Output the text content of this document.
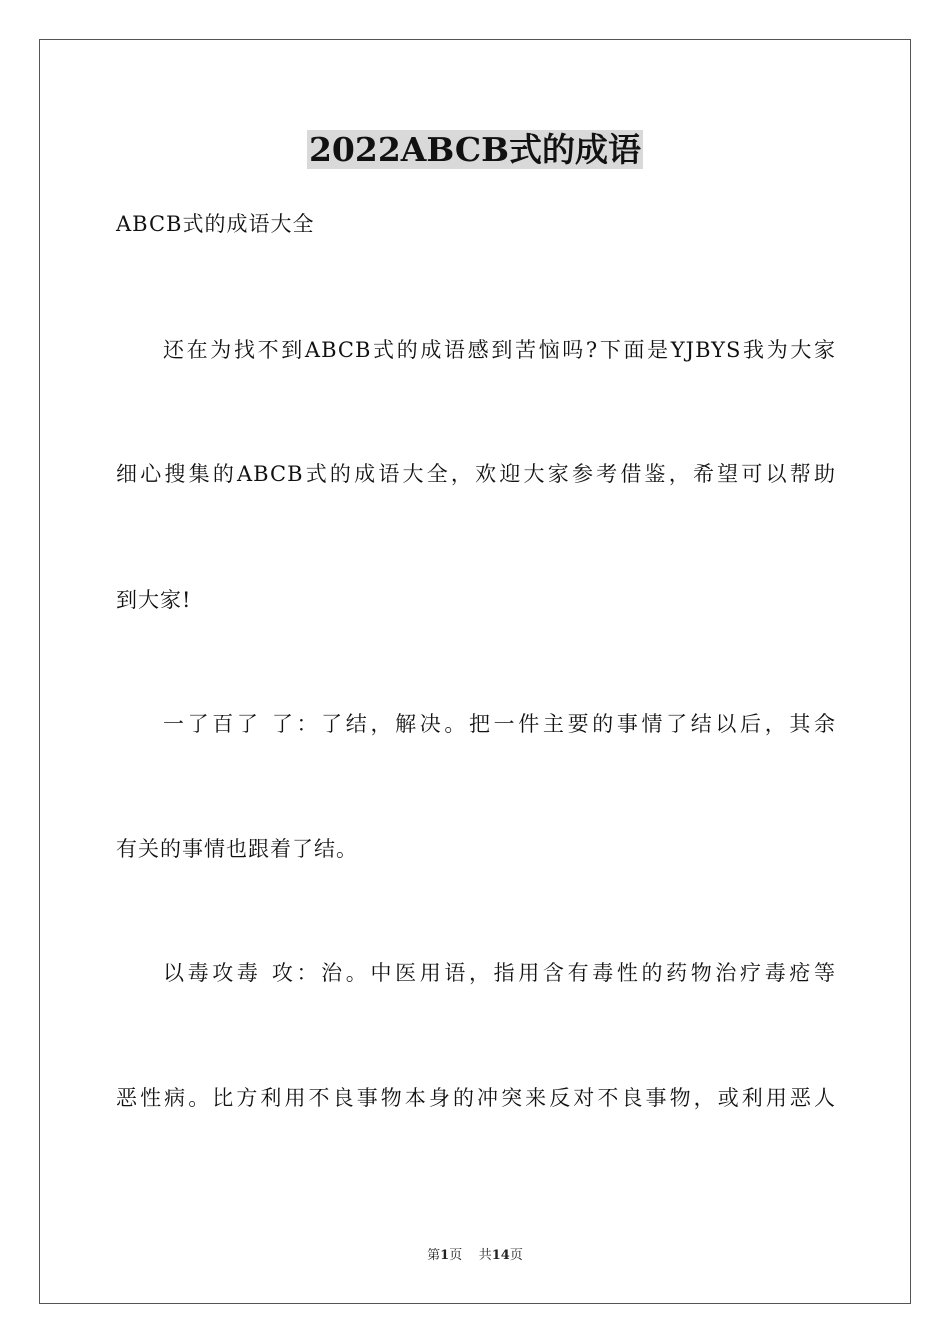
2022ABCB式的成语
ABCB式的成语大全
还在为找不到ABCB式的成语感到苦恼吗?下面是YJBYS我为大家
细心搜集的ABCB式的成语大全，欢迎大家参考借鉴，希望可以帮助
到大家!
一了百了 了：了结，解决。把一件主要的事情了结以后，其余
有关的事情也跟着了结。
以毒攻毒 攻：治。中医用语，指用含有毒性的药物治疗毒疮等
恶性病。比方利用不良事物本身的冲突来反对不良事物，或利用恶人
第1页 共14页
